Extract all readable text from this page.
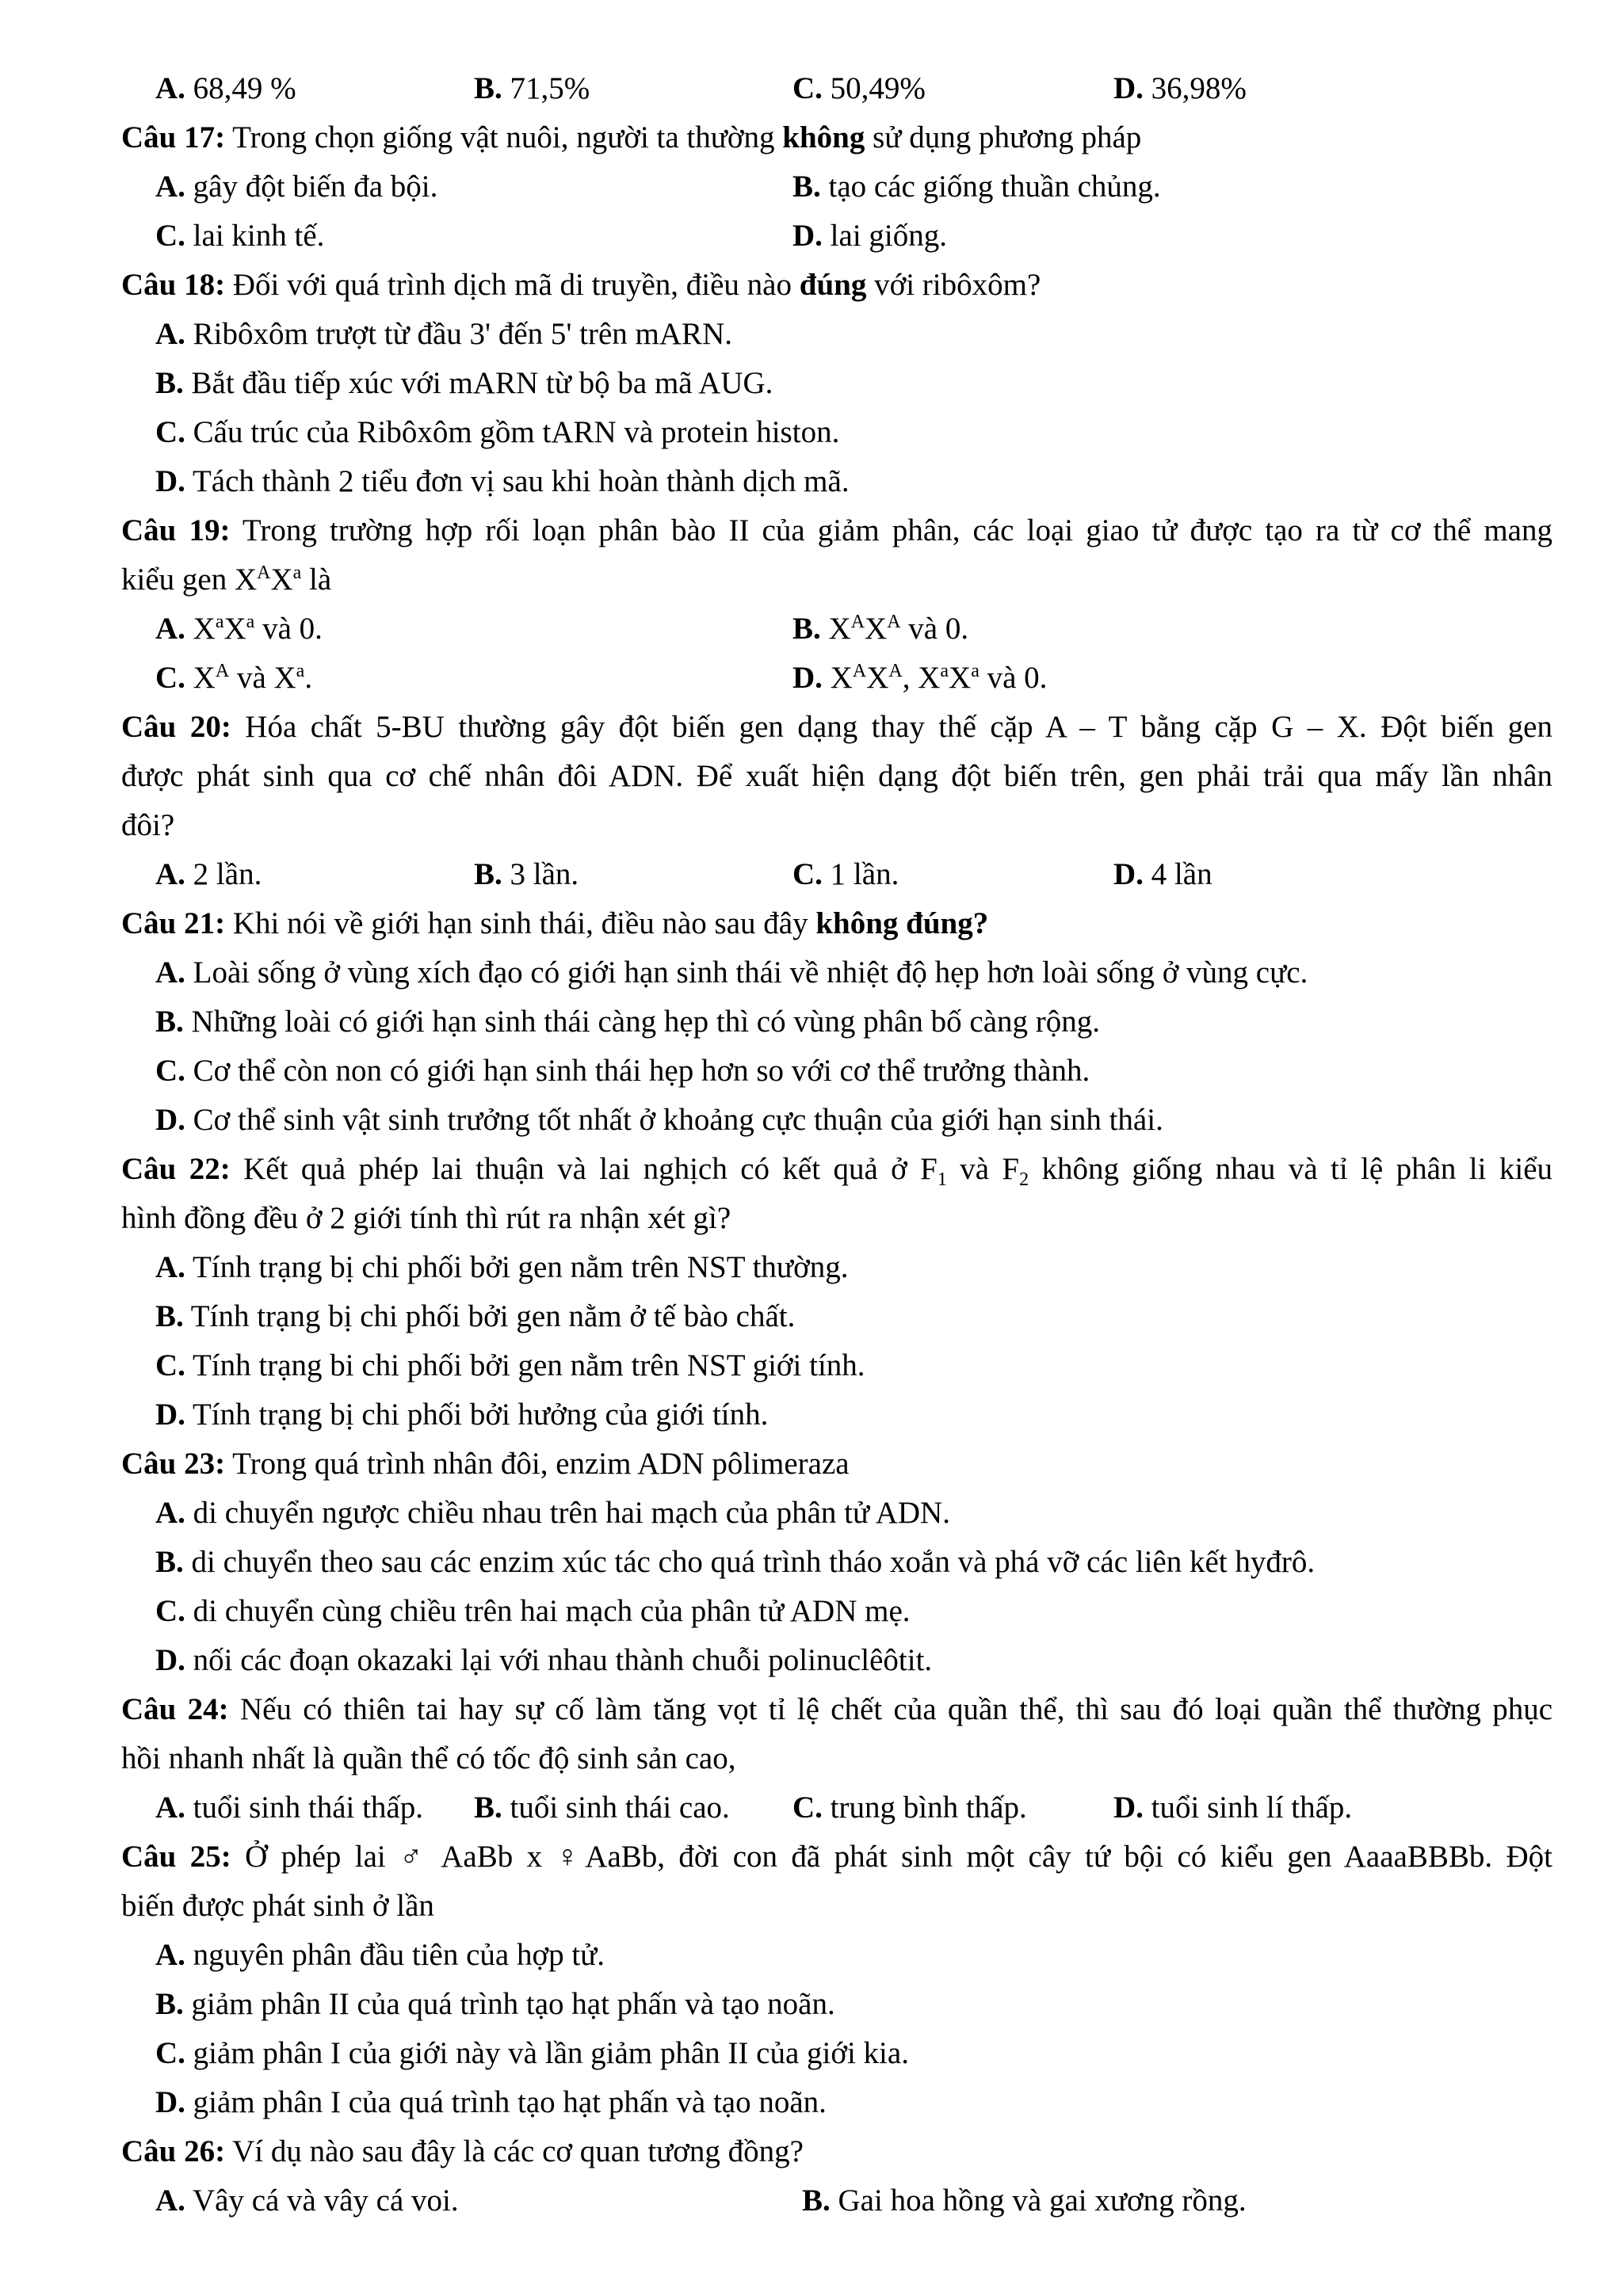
A. 68,49 %	B. 71,5%	C. 50,49%	D. 36,98%
Câu 17: Trong chọn giống vật nuôi, người ta thường không sử dụng phương pháp
A. gây đột biến đa bội.	B. tạo các giống thuần chủng.
C. lai kinh tế.	D. lai giống.
Câu 18: Đối với quá trình dịch mã di truyền, điều nào đúng với ribôxôm?
A. Ribôxôm trượt từ đầu 3' đến 5' trên mARN.
B. Bắt đầu tiếp xúc với mARN từ bộ ba mã AUG.
C. Cấu trúc của Ribôxôm gồm tARN và protein histon.
D. Tách thành 2 tiểu đơn vị sau khi hoàn thành dịch mã.
Câu 19: Trong trường hợp rối loạn phân bào II của giảm phân, các loại giao tử được tạo ra từ cơ thể mang
kiểu gen $X^AX^a$ là
A. $X^aX^a$ và 0.	B. $X^AX^A$ và 0.
C. $X^A$ và $X^a$.	D. $X^AX^A$, $X^aX^a$ và 0.
Câu 20: Hóa chất 5-BU thường gây đột biến gen dạng thay thế cặp A – T bằng cặp G – X. Đột biến gen
được phát sinh qua cơ chế nhân đôi ADN. Để xuất hiện dạng đột biến trên, gen phải trải qua mấy lần nhân
đôi?
A. 2 lần.	B. 3 lần.	C. 1 lần.	D. 4 lần
Câu 21: Khi nói về giới hạn sinh thái, điều nào sau đây không đúng?
A. Loài sống ở vùng xích đạo có giới hạn sinh thái về nhiệt độ hẹp hơn loài sống ở vùng cực.
B. Những loài có giới hạn sinh thái càng hẹp thì có vùng phân bố càng rộng.
C. Cơ thể còn non có giới hạn sinh thái hẹp hơn so với cơ thể trưởng thành.
D. Cơ thể sinh vật sinh trưởng tốt nhất ở khoảng cực thuận của giới hạn sinh thái.
Câu 22: Kết quả phép lai thuận và lai nghịch có kết quả ở $F_1$ và $F_2$ không giống nhau và tỉ lệ phân li kiểu
hình đồng đều ở 2 giới tính thì rút ra nhận xét gì?
A. Tính trạng bị chi phối bởi gen nằm trên NST thường.
B. Tính trạng bị chi phối bởi gen nằm ở tế bào chất.
C. Tính trạng bi chi phối bởi gen nằm trên NST giới tính.
D. Tính trạng bị chi phối bởi hưởng của giới tính.
Câu 23: Trong quá trình nhân đôi, enzim ADN pôlimeraza
A. di chuyển ngược chiều nhau trên hai mạch của phân tử ADN.
B. di chuyển theo sau các enzim xúc tác cho quá trình tháo xoắn và phá vỡ các liên kết hyđrô.
C. di chuyển cùng chiều trên hai mạch của phân tử ADN mẹ.
D. nối các đoạn okazaki lại với nhau thành chuỗi polinuclêôtit.
Câu 24: Nếu có thiên tai hay sự cố làm tăng vọt tỉ lệ chết của quần thể, thì sau đó loại quần thể thường phục
hồi nhanh nhất là quần thể có tốc độ sinh sản cao,
A. tuổi sinh thái thấp. B. tuổi sinh thái cao. C. trung bình thấp.	D. tuổi sinh lí thấp.
Câu 25: Ở phép lai ♂ AaBb x ♀AaBb, đời con đã phát sinh một cây tứ bội có kiểu gen AaaaBBBb. Đột
biến được phát sinh ở lần
A. nguyên phân đầu tiên của hợp tử.
B. giảm phân II của quá trình tạo hạt phấn và tạo noãn.
C. giảm phân I của giới này và lần giảm phân II của giới kia.
D. giảm phân I của quá trình tạo hạt phấn và tạo noãn.
Câu 26: Ví dụ nào sau đây là các cơ quan tương đồng?
A. Vây cá và vây cá voi.	B. Gai hoa hồng và gai xương rồng.
